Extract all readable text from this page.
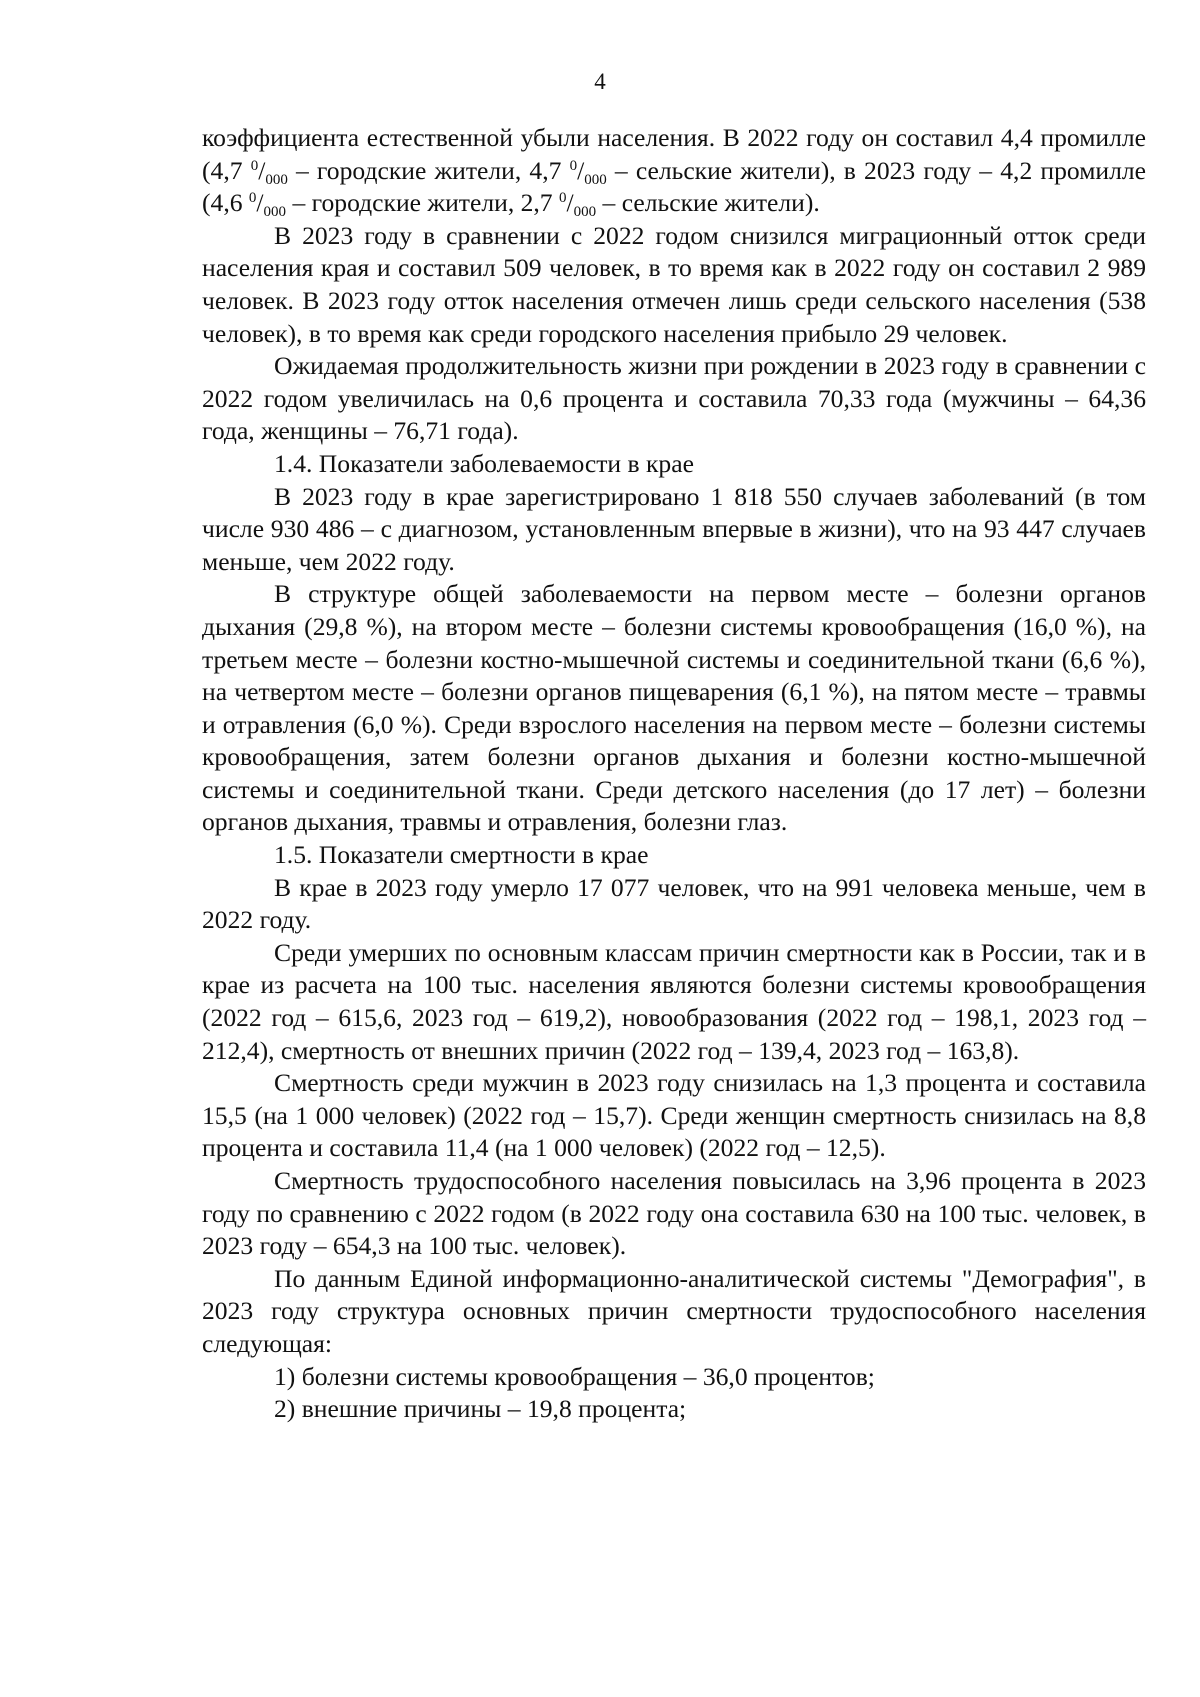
4

коэффициента естественной убыли населения. В 2022 году он составил 4,4 промилле (4,7 $^0/_{000}$ – городские жители, 4,7 $^0/_{000}$ – сельские жители), в 2023 году – 4,2 промилле (4,6 $^0/_{000}$ – городские жители, 2,7 $^0/_{000}$ – сельские жители).

В 2023 году в сравнении с 2022 годом снизился миграционный отток среди населения края и составил 509 человек, в то время как в 2022 году он составил 2 989 человек. В 2023 году отток населения отмечен лишь среди сельского населения (538 человек), в то время как среди городского населения прибыло 29 человек.

Ожидаемая продолжительность жизни при рождении в 2023 году в сравнении с 2022 годом увеличилась на 0,6 процента и составила 70,33 года (мужчины – 64,36 года, женщины – 76,71 года).

1.4. Показатели заболеваемости в крае

В 2023 году в крае зарегистрировано 1 818 550 случаев заболеваний (в том числе 930 486 – с диагнозом, установленным впервые в жизни), что на 93 447 случаев меньше, чем 2022 году.

В структуре общей заболеваемости на первом месте – болезни органов дыхания (29,8 %), на втором месте – болезни системы кровообращения (16,0 %), на третьем месте – болезни костно-мышечной системы и соединительной ткани (6,6 %), на четвертом месте – болезни органов пищеварения (6,1 %), на пятом месте – травмы и отравления (6,0 %). Среди взрослого населения на первом месте – болезни системы кровообращения, затем болезни органов дыхания и болезни костно-мышечной системы и соединительной ткани. Среди детского населения (до 17 лет) – болезни органов дыхания, травмы и отравления, болезни глаз.

1.5. Показатели смертности в крае

В крае в 2023 году умерло 17 077 человек, что на 991 человека меньше, чем в 2022 году.

Среди умерших по основным классам причин смертности как в России, так и в крае из расчета на 100 тыс. населения являются болезни системы кровообращения (2022 год – 615,6, 2023 год – 619,2), новообразования (2022 год – 198,1, 2023 год – 212,4), смертность от внешних причин (2022 год – 139,4, 2023 год – 163,8).

Смертность среди мужчин в 2023 году снизилась на 1,3 процента и составила 15,5 (на 1 000 человек) (2022 год – 15,7). Среди женщин смертность снизилась на 8,8 процента и составила 11,4 (на 1 000 человек) (2022 год – 12,5).

Смертность трудоспособного населения повысилась на 3,96 процента в 2023 году по сравнению с 2022 годом (в 2022 году она составила 630 на 100 тыс. человек, в 2023 году – 654,3 на 100 тыс. человек).

По данным Единой информационно-аналитической системы "Демография", в 2023 году структура основных причин смертности трудоспособного населения следующая:

1) болезни системы кровообращения – 36,0 процентов;

2) внешние причины – 19,8 процента;
